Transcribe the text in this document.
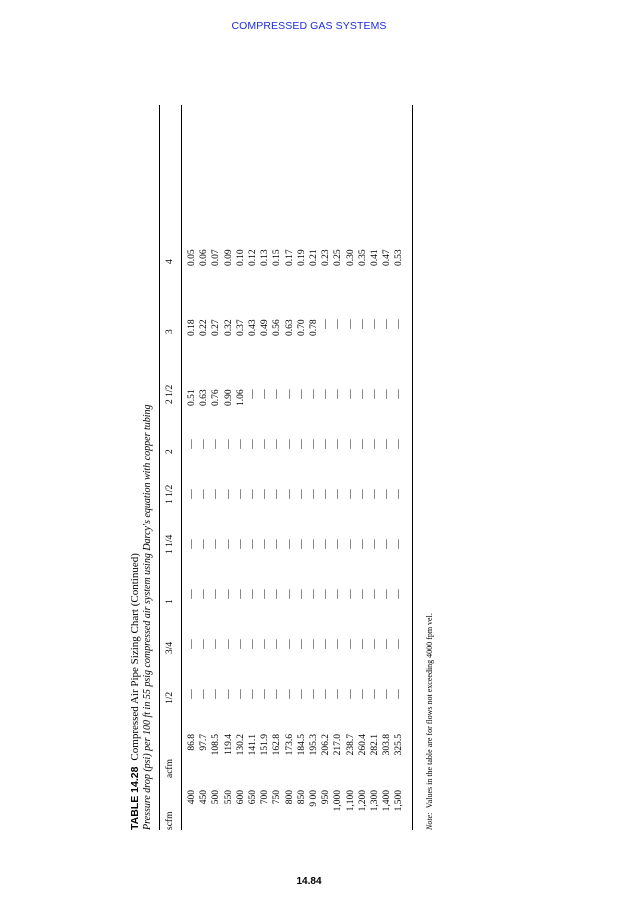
COMPRESSED GAS SYSTEMS
TABLE 14.28Compressed Air Pipe Sizing Chart (Continued) Pressure drop (psi) per 100 ft in 55 psig compressed air system using Darcy's equation with copper tubing scfm
acfm
1/2
3/4
1
1 1/4
1 1/2
2
2 1/2
3
4
400
86.8
—
—
—
—
—
—
0.51
0.18
0.05
450
97.7
—
—
—
—
—
—
0.63
0.22
0.06
500
108.5
—
—
—
—
—
—
0.76
0.27
0.07
550
119.4
—
—
—
—
—
—
0.90
0.32
0.09
600
130.2
—
—
—
—
—
—
1.06
0.37
0.10
650
141.1
—
—
—
—
—
—
—
0.43
0.12
700
151.9
—
—
—
—
—
—
—
0.49
0.13
750
162.8
—
—
—
—
—
—
—
0.56
0.15
800
173.6
—
—
—
—
—
—
—
0.63
0.17
850
184.5
—
—
—
—
—
—
—
0.70
0.19
9 00
195.3
—
—
—
—
—
—
—
0.78
0.21
950
206.2
—
—
—
—
—
—
—
—
0.23
1,000
217.0
—
—
—
—
—
—
—
—
0.25
1,100
238.7
—
—
—
—
—
—
—
—
0.30
1,200
260.4
—
—
—
—
—
—
—
—
0.35
1,300
282.1
—
—
—
—
—
—
—
—
0.41
1,400
303.8
—
—
—
—
—
—
—
—
0.47
1,500
325.5
—
—
—
—
—
—
—
—
0.53
Note:Values in the table are for flows not exceeding 4000 fpm vel.
14.84
